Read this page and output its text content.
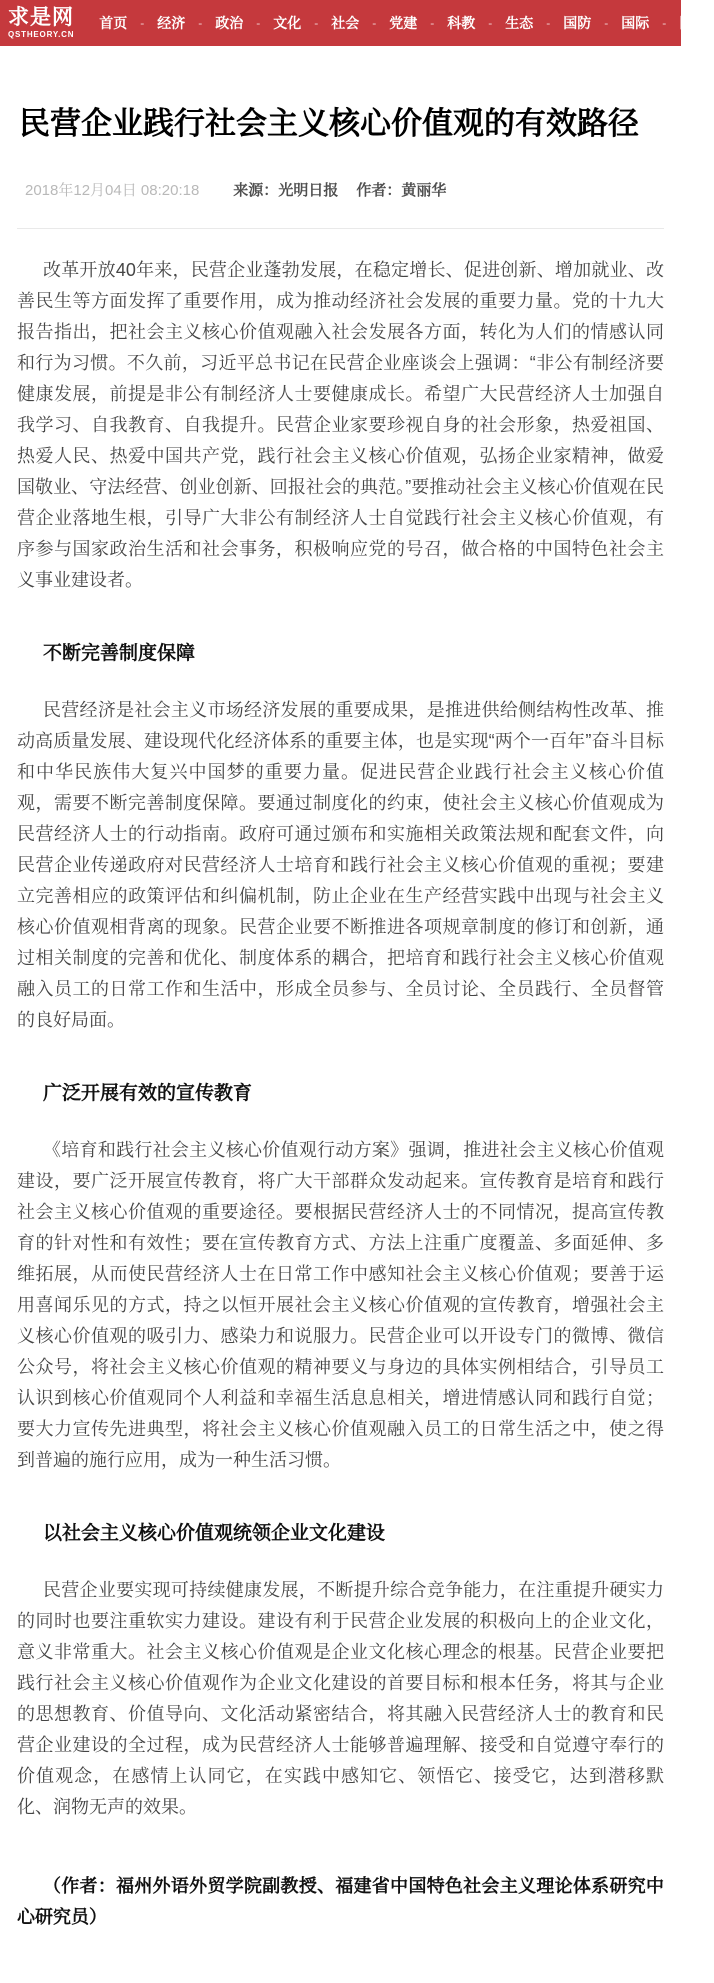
求是网
QSTHEORY.CN
首页 - 经济 - 政治 - 文化 - 社会 - 党建 - 科教 - 生态 - 国防 - 国际 - 图书
民营企业践行社会主义核心价值观的有效路径
2018年12月04日 08:20:18 来源：光明日报 作者：黄丽华

改革开放40年来，民营企业蓬勃发展，在稳定增长、促进创新、增加就业、改善民生等方面发挥了重要作用，成为推动经济社会发展的重要力量。党的十九大报告指出，把社会主义核心价值观融入社会发展各方面，转化为人们的情感认同和行为习惯。不久前，习近平总书记在民营企业座谈会上强调：“非公有制经济要健康发展，前提是非公有制经济人士要健康成长。希望广大民营经济人士加强自我学习、自我教育、自我提升。民营企业家要珍视自身的社会形象，热爱祖国、热爱人民、热爱中国共产党，践行社会主义核心价值观，弘扬企业家精神，做爱国敬业、守法经营、创业创新、回报社会的典范。”要推动社会主义核心价值观在民营企业落地生根，引导广大非公有制经济人士自觉践行社会主义核心价值观，有序参与国家政治生活和社会事务，积极响应党的号召，做合格的中国特色社会主义事业建设者。

不断完善制度保障

民营经济是社会主义市场经济发展的重要成果，是推进供给侧结构性改革、推动高质量发展、建设现代化经济体系的重要主体，也是实现“两个一百年”奋斗目标和中华民族伟大复兴中国梦的重要力量。促进民营企业践行社会主义核心价值观，需要不断完善制度保障。要通过制度化的约束，使社会主义核心价值观成为民营经济人士的行动指南。政府可通过颁布和实施相关政策法规和配套文件，向民营企业传递政府对民营经济人士培育和践行社会主义核心价值观的重视；要建立完善相应的政策评估和纠偏机制，防止企业在生产经营实践中出现与社会主义核心价值观相背离的现象。民营企业要不断推进各项规章制度的修订和创新，通过相关制度的完善和优化、制度体系的耦合，把培育和践行社会主义核心价值观融入员工的日常工作和生活中，形成全员参与、全员讨论、全员践行、全员督管的良好局面。

广泛开展有效的宣传教育

《培育和践行社会主义核心价值观行动方案》强调，推进社会主义核心价值观建设，要广泛开展宣传教育，将广大干部群众发动起来。宣传教育是培育和践行社会主义核心价值观的重要途径。要根据民营经济人士的不同情况，提高宣传教育的针对性和有效性；要在宣传教育方式、方法上注重广度覆盖、多面延伸、多维拓展，从而使民营经济人士在日常工作中感知社会主义核心价值观；要善于运用喜闻乐见的方式，持之以恒开展社会主义核心价值观的宣传教育，增强社会主义核心价值观的吸引力、感染力和说服力。民营企业可以开设专门的微博、微信公众号，将社会主义核心价值观的精神要义与身边的具体实例相结合，引导员工认识到核心价值观同个人利益和幸福生活息息相关，增进情感认同和践行自觉；要大力宣传先进典型，将社会主义核心价值观融入员工的日常生活之中，使之得到普遍的施行应用，成为一种生活习惯。

以社会主义核心价值观统领企业文化建设

民营企业要实现可持续健康发展，不断提升综合竞争能力，在注重提升硬实力的同时也要注重软实力建设。建设有利于民营企业发展的积极向上的企业文化，意义非常重大。社会主义核心价值观是企业文化核心理念的根基。民营企业要把践行社会主义核心价值观作为企业文化建设的首要目标和根本任务，将其与企业的思想教育、价值导向、文化活动紧密结合，将其融入民营经济人士的教育和民营企业建设的全过程，成为民营经济人士能够普遍理解、接受和自觉遵守奉行的价值观念，在感情上认同它，在实践中感知它、领悟它、接受它，达到潜移默化、润物无声的效果。

（作者：福州外语外贸学院副教授、福建省中国特色社会主义理论体系研究中心研究员）
